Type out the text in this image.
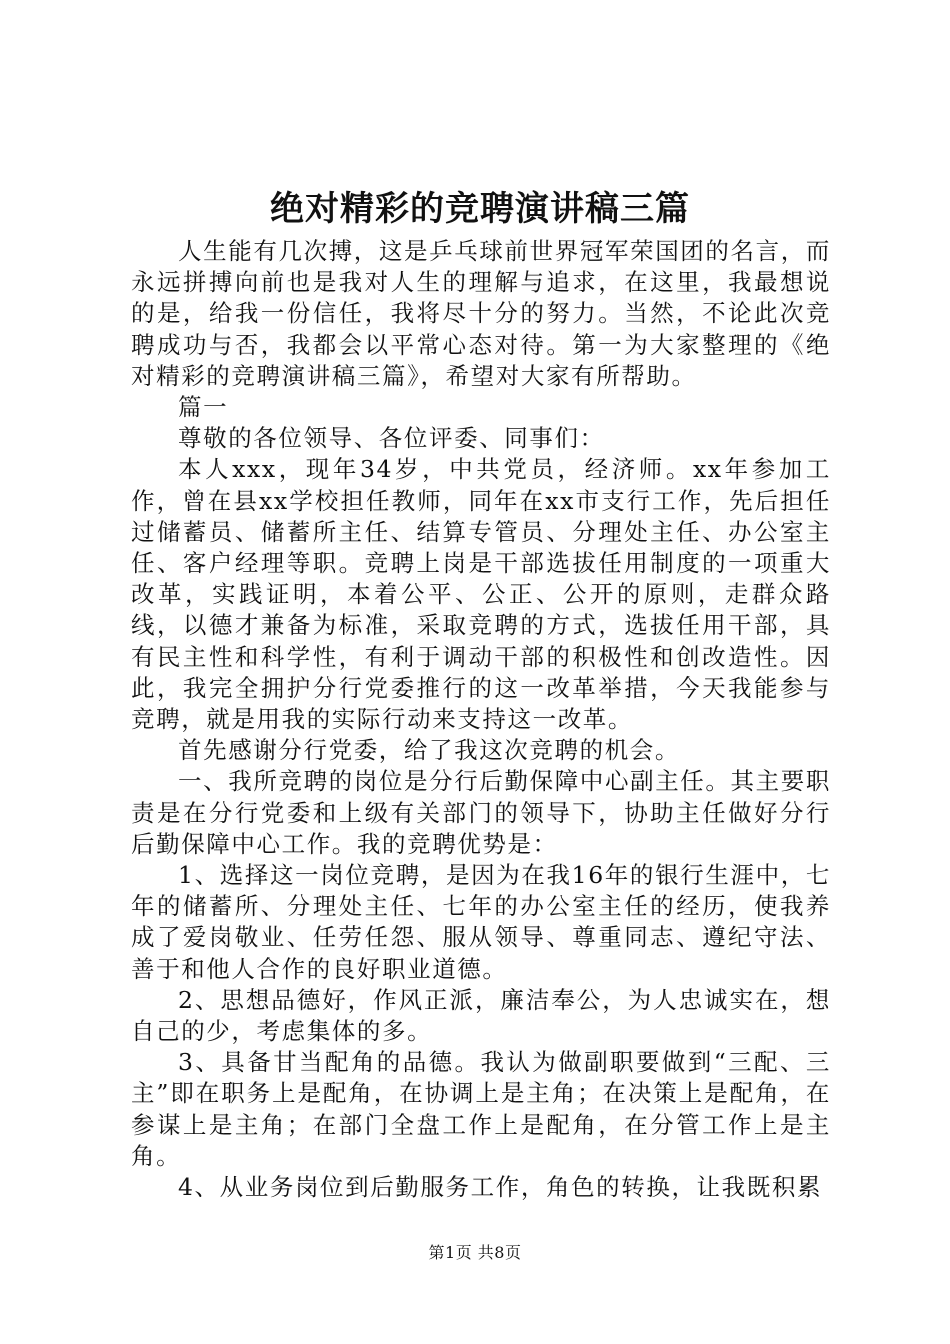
绝对精彩的竞聘演讲稿三篇

人生能有几次搏，这是乒乓球前世界冠军荣国团的名言，而永远拼搏向前也是我对人生的理解与追求，在这里，我最想说的是，给我一份信任，我将尽十分的努力。当然，不论此次竞聘成功与否，我都会以平常心态对待。第一为大家整理的《绝对精彩的竞聘演讲稿三篇》，希望对大家有所帮助。

篇一

尊敬的各位领导、各位评委、同事们：

本人xxx，现年34岁，中共党员，经济师。xx年参加工作，曾在县xx学校担任教师，同年在xx市支行工作，先后担任过储蓄员、储蓄所主任、结算专管员、分理处主任、办公室主任、客户经理等职。竞聘上岗是干部选拔任用制度的一项重大改革，实践证明，本着公平、公正、公开的原则，走群众路线，以德才兼备为标准，采取竞聘的方式，选拔任用干部，具有民主性和科学性，有利于调动干部的积极性和创改造性。因此，我完全拥护分行党委推行的这一改革举措，今天我能参与竞聘，就是用我的实际行动来支持这一改革。

首先感谢分行党委，给了我这次竞聘的机会。

一、我所竞聘的岗位是分行后勤保障中心副主任。其主要职责是在分行党委和上级有关部门的领导下，协助主任做好分行后勤保障中心工作。我的竞聘优势是：

1、选择这一岗位竞聘，是因为在我16年的银行生涯中，七年的储蓄所、分理处主任、七年的办公室主任的经历，使我养成了爱岗敬业、任劳任怨、服从领导、尊重同志、遵纪守法、善于和他人合作的良好职业道德。

2、思想品德好，作风正派，廉洁奉公，为人忠诚实在，想自己的少，考虑集体的多。

3、具备甘当配角的品德。我认为做副职要做到“三配、三主”即在职务上是配角，在协调上是主角；在决策上是配角，在参谋上是主角；在部门全盘工作上是配角，在分管工作上是主角。

4、从业务岗位到后勤服务工作，角色的转换，让我既积累

第1页 共8页
